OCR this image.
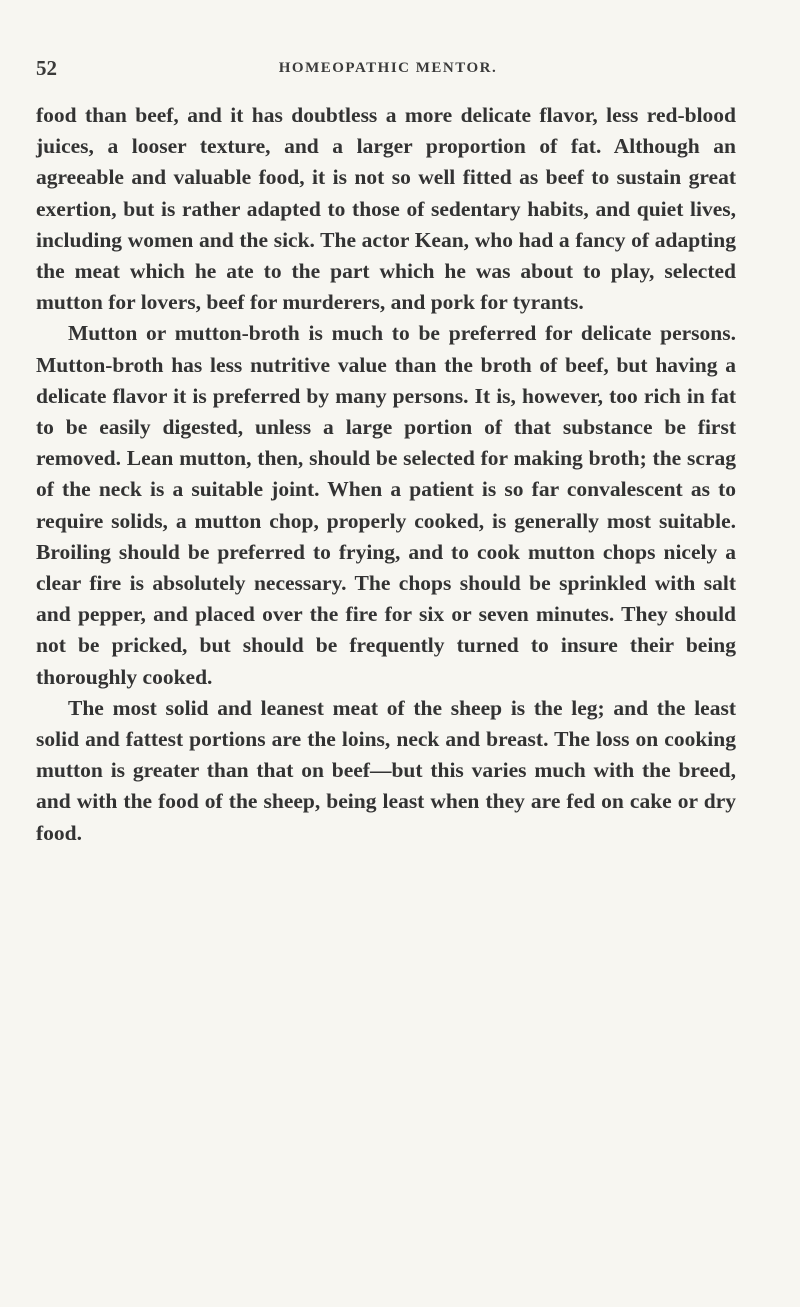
52	HOMEOPATHIC MENTOR.

food than beef, and it has doubtless a more delicate flavor, less red-blood juices, a looser texture, and a larger proportion of fat. Although an agreeable and valuable food, it is not so well fitted as beef to sustain great exertion, but is rather adapted to those of sedentary habits, and quiet lives, including women and the sick. The actor Kean, who had a fancy of adapting the meat which he ate to the part which he was about to play, selected mutton for lovers, beef for murderers, and pork for tyrants.

Mutton or mutton-broth is much to be preferred for delicate persons. Mutton-broth has less nutritive value than the broth of beef, but having a delicate flavor it is preferred by many persons. It is, however, too rich in fat to be easily digested, unless a large portion of that substance be first removed. Lean mutton, then, should be selected for making broth; the scrag of the neck is a suitable joint. When a patient is so far convalescent as to require solids, a mutton chop, properly cooked, is generally most suitable. Broiling should be preferred to frying, and to cook mutton chops nicely a clear fire is absolutely necessary. The chops should be sprinkled with salt and pepper, and placed over the fire for six or seven minutes. They should not be pricked, but should be frequently turned to insure their being thoroughly cooked.

The most solid and leanest meat of the sheep is the leg; and the least solid and fattest portions are the loins, neck and breast. The loss on cooking mutton is greater than that on beef—but this varies much with the breed, and with the food of the sheep, being least when they are fed on cake or dry food.
